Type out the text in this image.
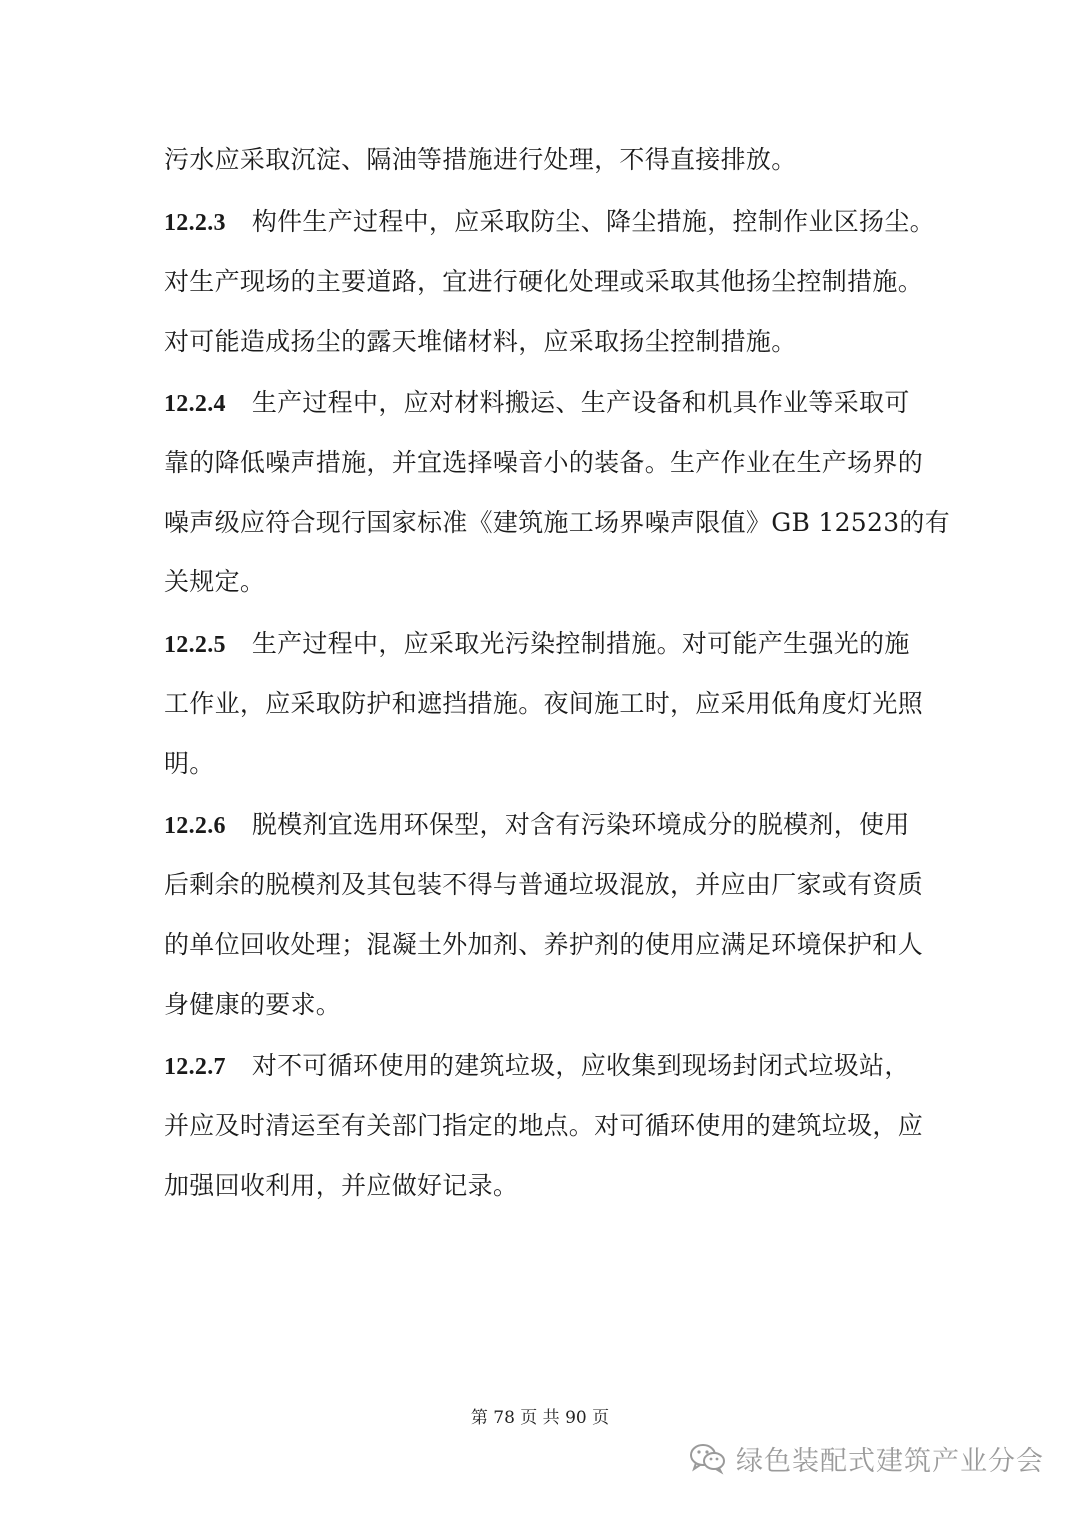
污水应采取沉淀、隔油等措施进行处理，不得直接排放。
12.2.3 构件生产过程中，应采取防尘、降尘措施，控制作业区扬尘。
对生产现场的主要道路，宜进行硬化处理或采取其他扬尘控制措施。
对可能造成扬尘的露天堆储材料，应采取扬尘控制措施。
12.2.4 生产过程中，应对材料搬运、生产设备和机具作业等采取可
靠的降低噪声措施，并宜选择噪音小的装备。生产作业在生产场界的
噪声级应符合现行国家标准《建筑施工场界噪声限值》GB 12523的有
关规定。
12.2.5 生产过程中，应采取光污染控制措施。对可能产生强光的施
工作业，应采取防护和遮挡措施。夜间施工时，应采用低角度灯光照
明。
12.2.6 脱模剂宜选用环保型，对含有污染环境成分的脱模剂，使用
后剩余的脱模剂及其包装不得与普通垃圾混放，并应由厂家或有资质
的单位回收处理；混凝土外加剂、养护剂的使用应满足环境保护和人
身健康的要求。
12.2.7 对不可循环使用的建筑垃圾，应收集到现场封闭式垃圾站，
并应及时清运至有关部门指定的地点。对可循环使用的建筑垃圾，应
加强回收利用，并应做好记录。
第 78 页 共 90 页
绿色装配式建筑产业分会
